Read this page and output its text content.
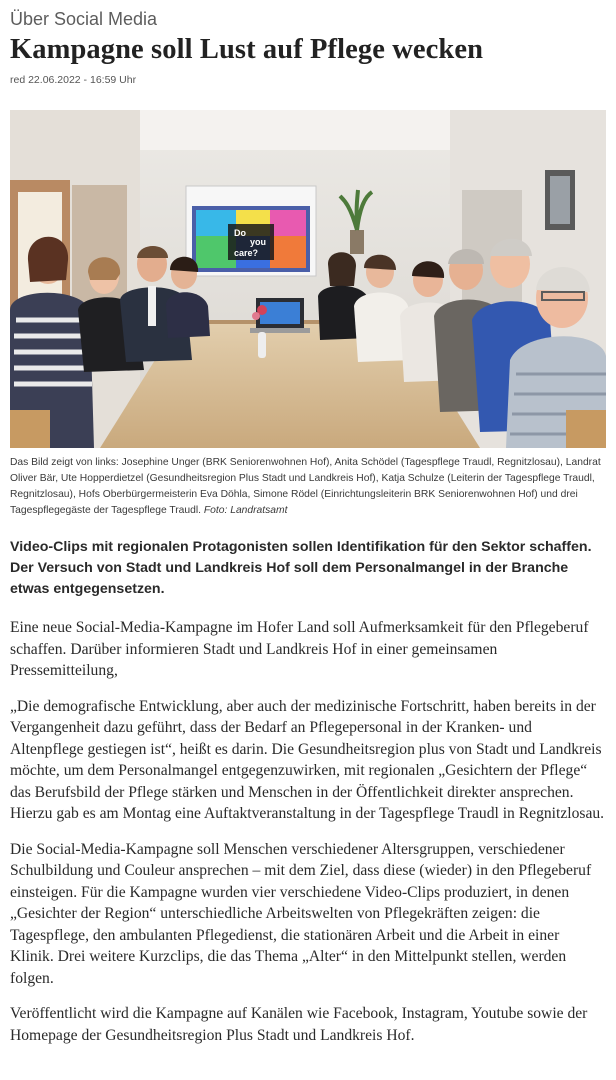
Über Social Media
Kampagne soll Lust auf Pflege wecken
red 22.06.2022 - 16:59 Uhr
Do
you
care?
Das Bild zeigt von links: Josephine Unger (BRK Seniorenwohnen Hof), Anita Schödel (Tagespflege Traudl, Regnitzlosau), Landrat Oliver Bär, Ute Hopperdietzel (Gesundheitsregion Plus Stadt und Landkreis Hof), Katja Schulze (Leiterin der Tagespflege Traudl, Regnitzlosau), Hofs Oberbürgermeisterin Eva Döhla, Simone Rödel (Einrichtungsleiterin BRK Seniorenwohnen Hof) und drei Tagespflegegäste der Tagespflege Traudl. Foto: Landratsamt
Video-Clips mit regionalen Protagonisten sollen Identifikation für den Sektor schaffen. Der Versuch von Stadt und Landkreis Hof soll dem Personalmangel in der Branche etwas entgegensetzen.

Eine neue Social-Media-Kampagne im Hofer Land soll Aufmerksamkeit für den Pflegeberuf schaffen. Darüber informieren Stadt und Landkreis Hof in einer gemeinsamen Pressemitteilung,

„Die demografische Entwicklung, aber auch der medizinische Fortschritt, haben bereits in der Vergangenheit dazu geführt, dass der Bedarf an Pflegepersonal in der Kranken- und Altenpflege gestiegen ist“, heißt es darin. Die Gesundheitsregion plus von Stadt und Landkreis möchte, um dem Personalmangel entgegenzuwirken, mit regionalen „Gesichtern der Pflege“ das Berufsbild der Pflege stärken und Menschen in der Öffentlichkeit direkter ansprechen. Hierzu gab es am Montag eine Auftaktveranstaltung in der Tagespflege Traudl in Regnitzlosau.

Die Social-Media-Kampagne soll Menschen verschiedener Altersgruppen, verschiedener Schulbildung und Couleur ansprechen – mit dem Ziel, dass diese (wieder) in den Pflegeberuf einsteigen. Für die Kampagne wurden vier verschiedene Video-Clips produziert, in denen „Gesichter der Region“ unterschiedliche Arbeitswelten von Pflegekräften zeigen: die Tagespflege, den ambulanten Pflegedienst, die stationären Arbeit und die Arbeit in einer Klinik. Drei weitere Kurzclips, die das Thema „Alter“ in den Mittelpunkt stellen, werden folgen.

Veröffentlicht wird die Kampagne auf Kanälen wie Facebook, Instagram, Youtube sowie der Homepage der Gesundheitsregion Plus Stadt und Landkreis Hof.
